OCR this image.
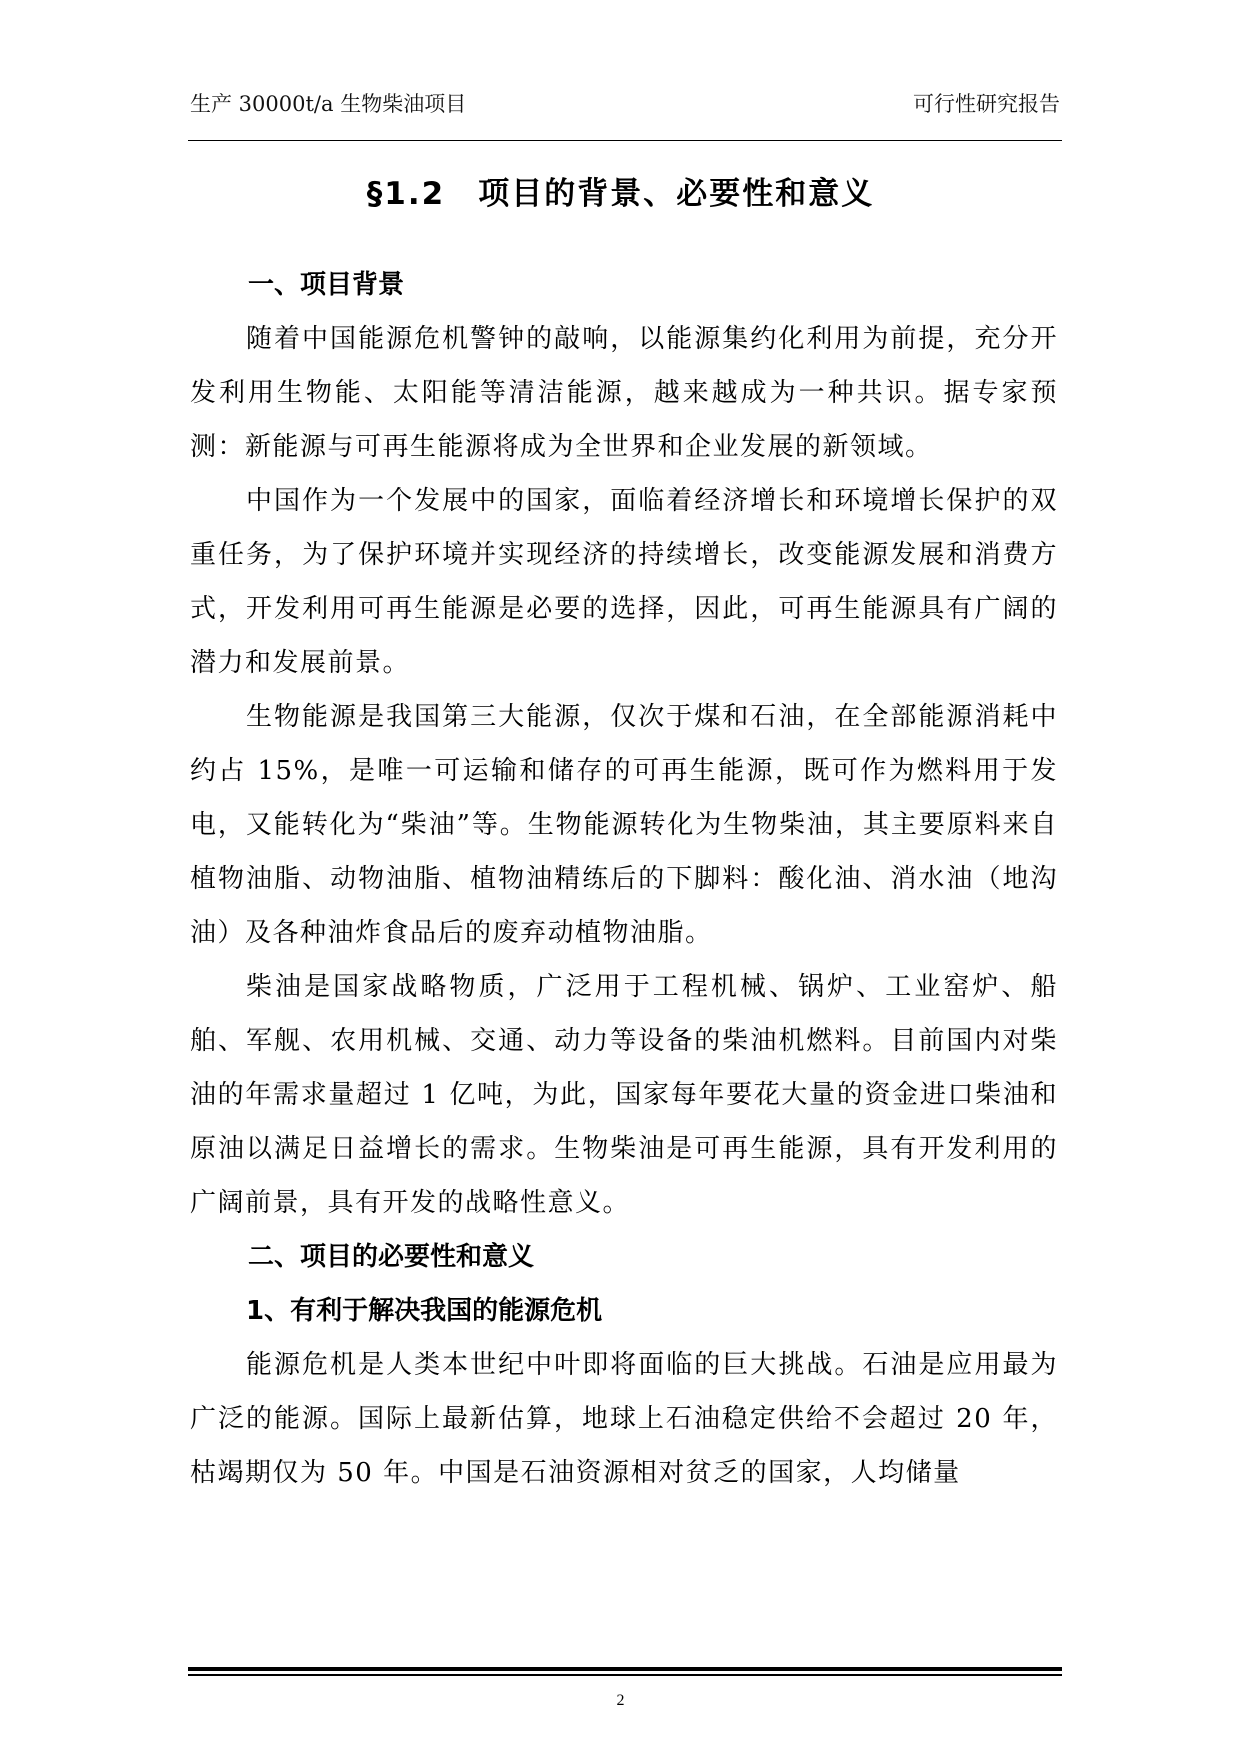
生产 30000t/a 生物柴油项目	可行性研究报告
§1.2　项目的背景、必要性和意义
一、项目背景

随着中国能源危机警钟的敲响，以能源集约化利用为前提，充分开发利用生物能、太阳能等清洁能源，越来越成为一种共识。据专家预测：新能源与可再生能源将成为全世界和企业发展的新领域。

中国作为一个发展中的国家，面临着经济增长和环境增长保护的双重任务，为了保护环境并实现经济的持续增长，改变能源发展和消费方式，开发利用可再生能源是必要的选择，因此，可再生能源具有广阔的潜力和发展前景。

生物能源是我国第三大能源，仅次于煤和石油，在全部能源消耗中约占 15%，是唯一可运输和储存的可再生能源，既可作为燃料用于发电，又能转化为“柴油”等。生物能源转化为生物柴油，其主要原料来自植物油脂、动物油脂、植物油精练后的下脚料：酸化油、消水油（地沟油）及各种油炸食品后的废弃动植物油脂。

柴油是国家战略物质，广泛用于工程机械、锅炉、工业窑炉、船舶、军舰、农用机械、交通、动力等设备的柴油机燃料。目前国内对柴油的年需求量超过 1 亿吨，为此，国家每年要花大量的资金进口柴油和原油以满足日益增长的需求。生物柴油是可再生能源，具有开发利用的广阔前景，具有开发的战略性意义。

二、项目的必要性和意义
1、有利于解决我国的能源危机

能源危机是人类本世纪中叶即将面临的巨大挑战。石油是应用最为广泛的能源。国际上最新估算，地球上石油稳定供给不会超过 20 年，枯竭期仅为 50 年。中国是石油资源相对贫乏的国家，人均储量

2
